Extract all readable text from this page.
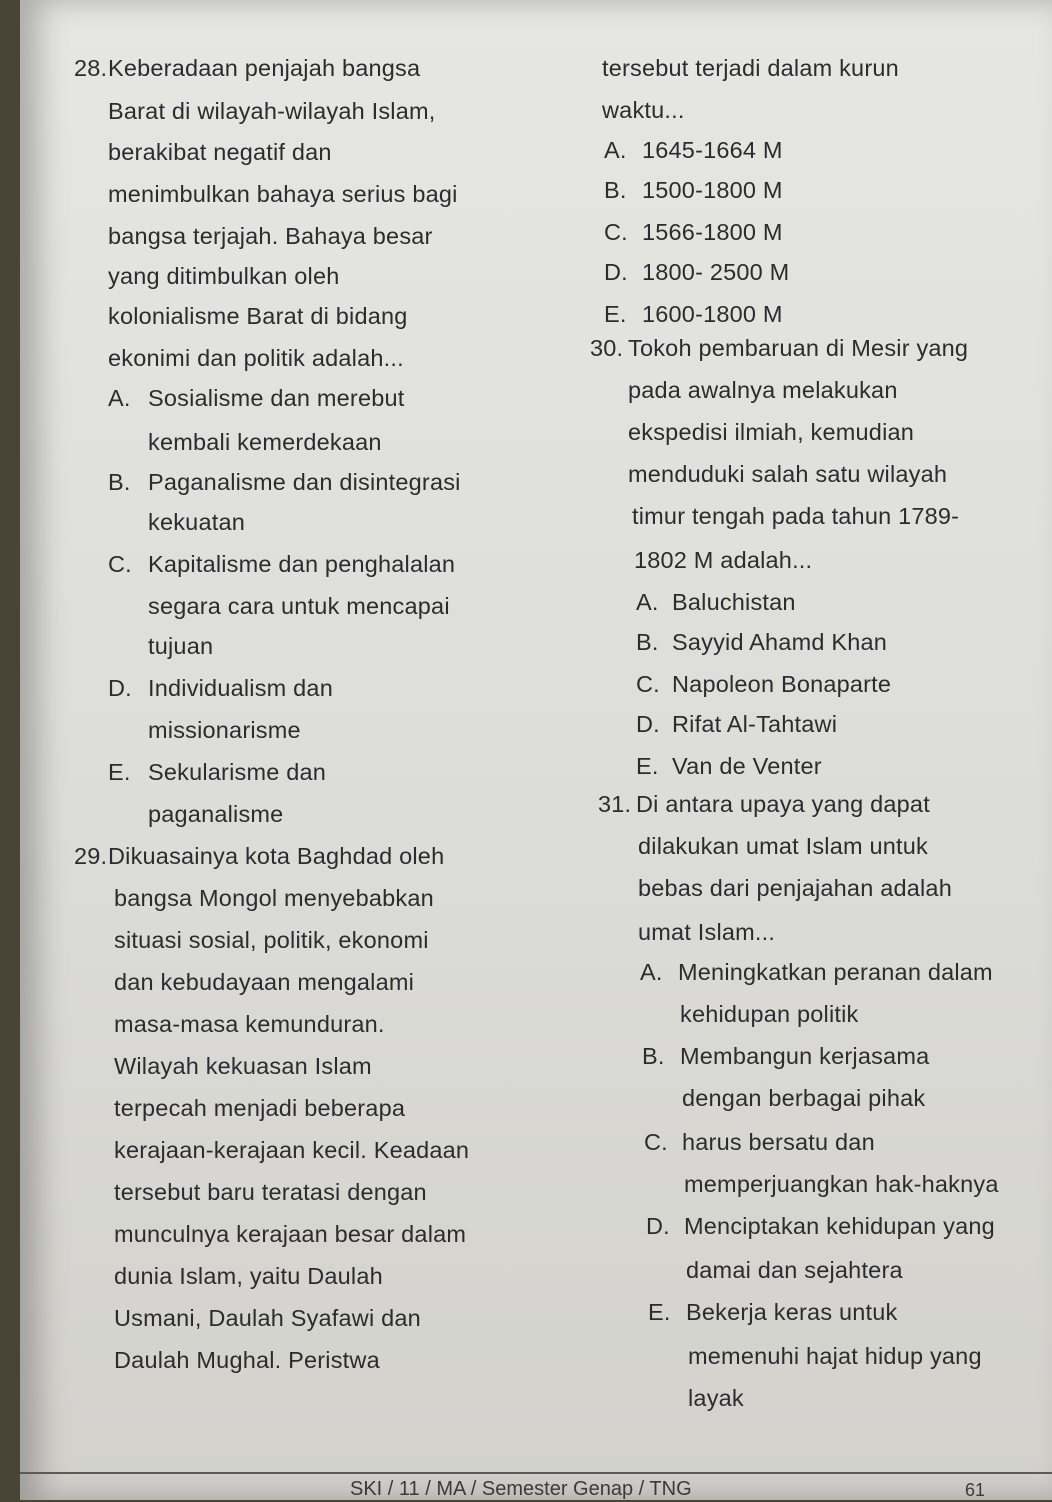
28. Keberadaan penjajah bangsa
Barat di wilayah-wilayah Islam,
berakibat negatif dan
menimbulkan bahaya serius bagi
bangsa terjajah. Bahaya besar
yang ditimbulkan oleh
kolonialisme Barat di bidang
ekonimi dan politik adalah...
A. Sosialisme dan merebut
kembali kemerdekaan
B. Paganalisme dan disintegrasi
kekuatan
C. Kapitalisme dan penghalalan
segara cara untuk mencapai
tujuan
D. Individualism dan
missionarisme
E. Sekularisme dan
paganalisme
29. Dikuasainya kota Baghdad oleh
bangsa Mongol menyebabkan
situasi sosial, politik, ekonomi
dan kebudayaan mengalami
masa-masa kemunduran.
Wilayah kekuasan Islam
terpecah menjadi beberapa
kerajaan-kerajaan kecil. Keadaan
tersebut baru teratasi dengan
munculnya kerajaan besar dalam
dunia Islam, yaitu Daulah
Usmani, Daulah Syafawi dan
Daulah Mughal. Peristwa
tersebut terjadi dalam kurun
waktu...
A. 1645-1664 M
B. 1500-1800 M
C. 1566-1800 M
D. 1800- 2500 M
E. 1600-1800 M
30. Tokoh pembaruan di Mesir yang
pada awalnya melakukan
ekspedisi ilmiah, kemudian
menduduki salah satu wilayah
timur tengah pada tahun 1789-
1802 M adalah...
A. Baluchistan
B. Sayyid Ahamd Khan
C. Napoleon Bonaparte
D. Rifat Al-Tahtawi
E. Van de Venter
31. Di antara upaya yang dapat
dilakukan umat Islam untuk
bebas dari penjajahan adalah
umat Islam...
A. Meningkatkan peranan dalam
kehidupan politik
B. Membangun kerjasama
dengan berbagai pihak
C. harus bersatu dan
memperjuangkan hak-haknya
D. Menciptakan kehidupan yang
damai dan sejahtera
E. Bekerja keras untuk
memenuhi hajat hidup yang
layak
SKI / 11 / MA / Semester Genap / TNG	61
